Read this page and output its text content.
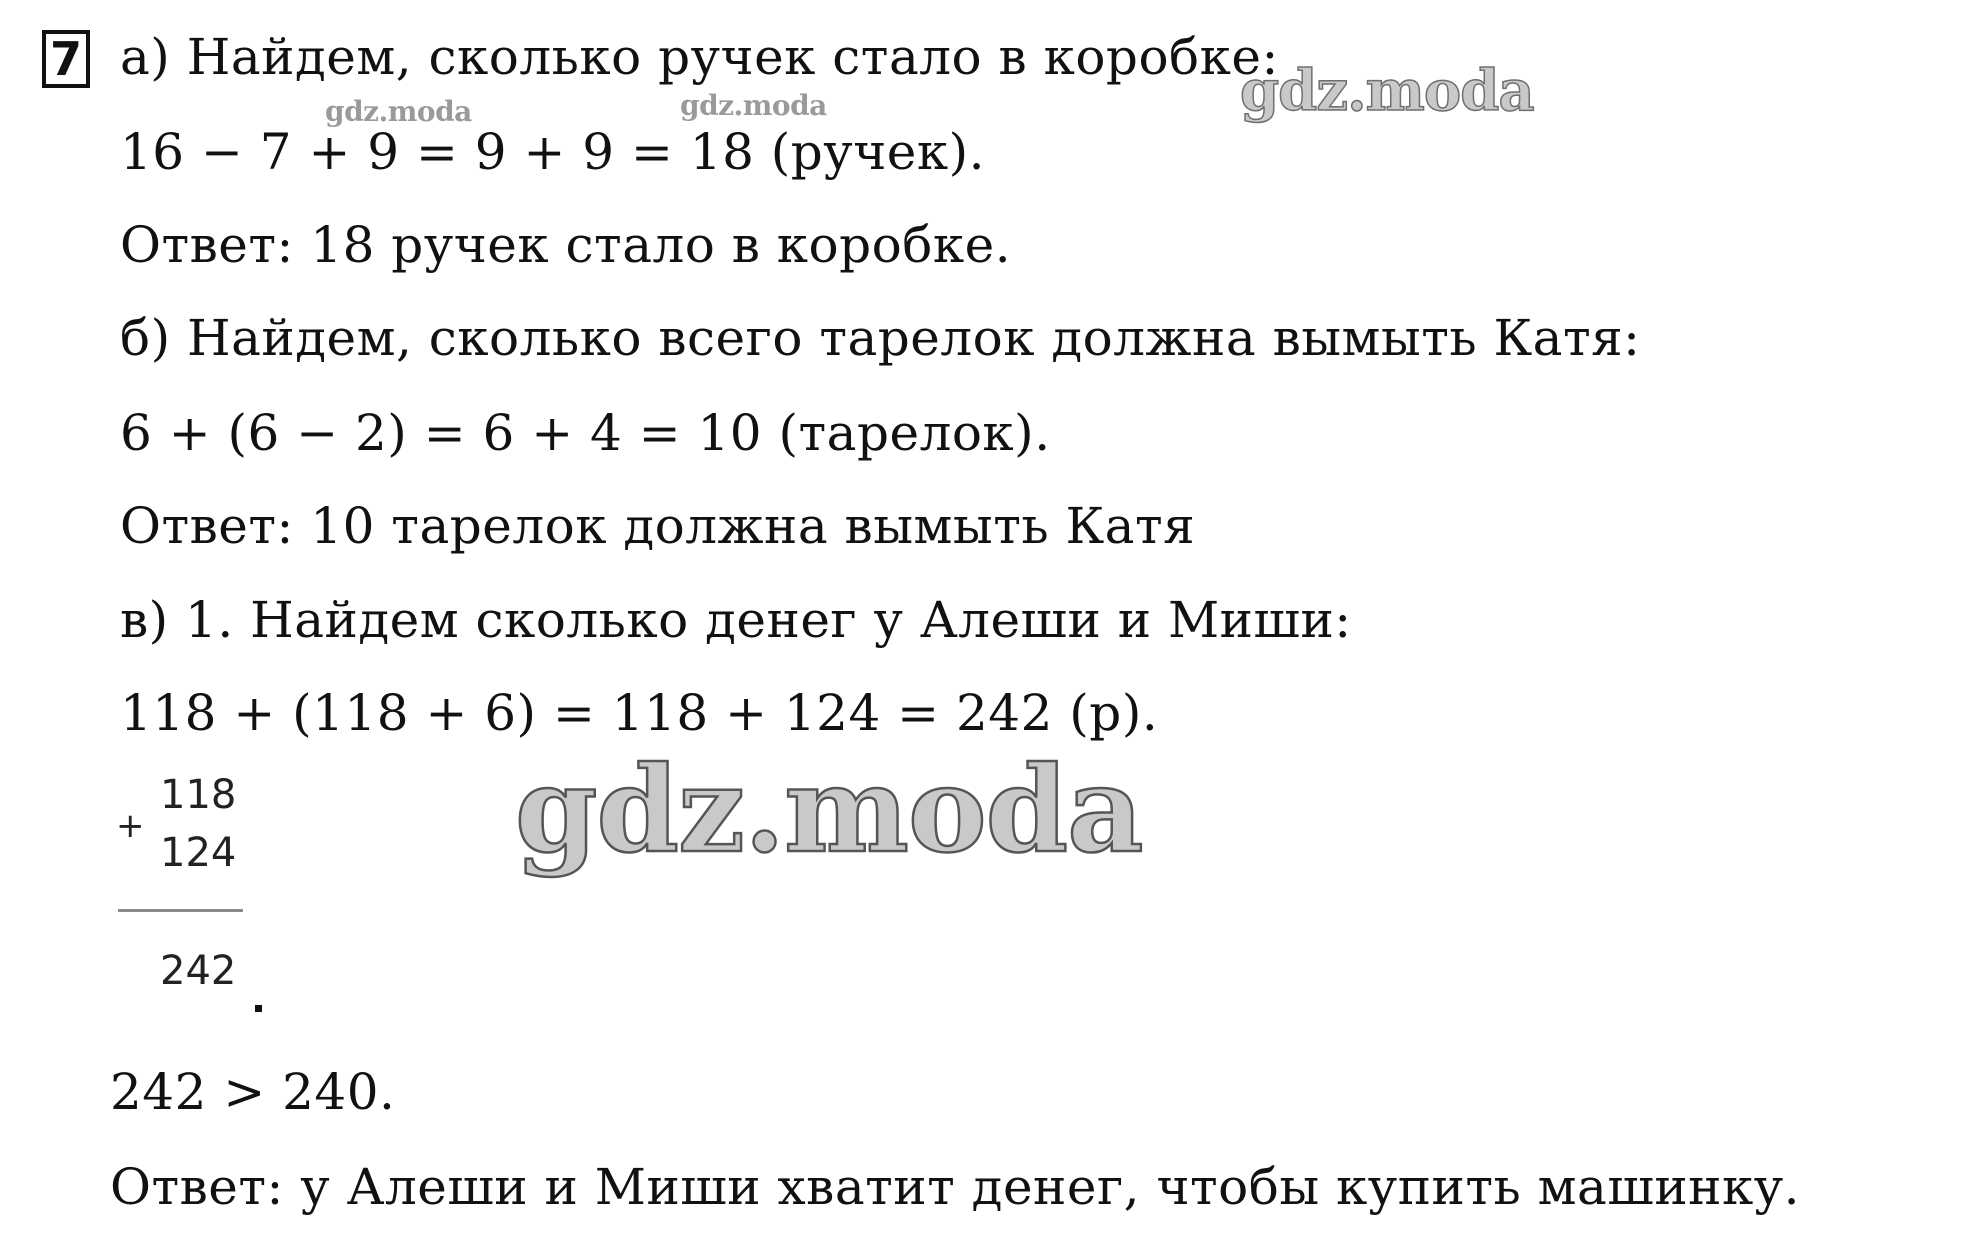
7 а) Найдем, сколько ручек стало в коробке:
16 − 7 + 9 = 9 + 9 = 18 (ручек).
Ответ: 18 ручек стало в коробке.
б) Найдем, сколько всего тарелок должна вымыть Катя:
6 + (6 − 2) = 6 + 4 = 10 (тарелок).
Ответ: 10 тарелок должна вымыть Катя
в) 1. Найдем сколько денег у Алеши и Миши:
118 + (118 + 6) = 118 + 124 = 242 (р).
+
118
124
242
242 > 240.
Ответ: у Алеши и Миши хватит денег, чтобы купить машинку.
gdz.moda	gdz.moda	gdz.moda
gdz.moda
